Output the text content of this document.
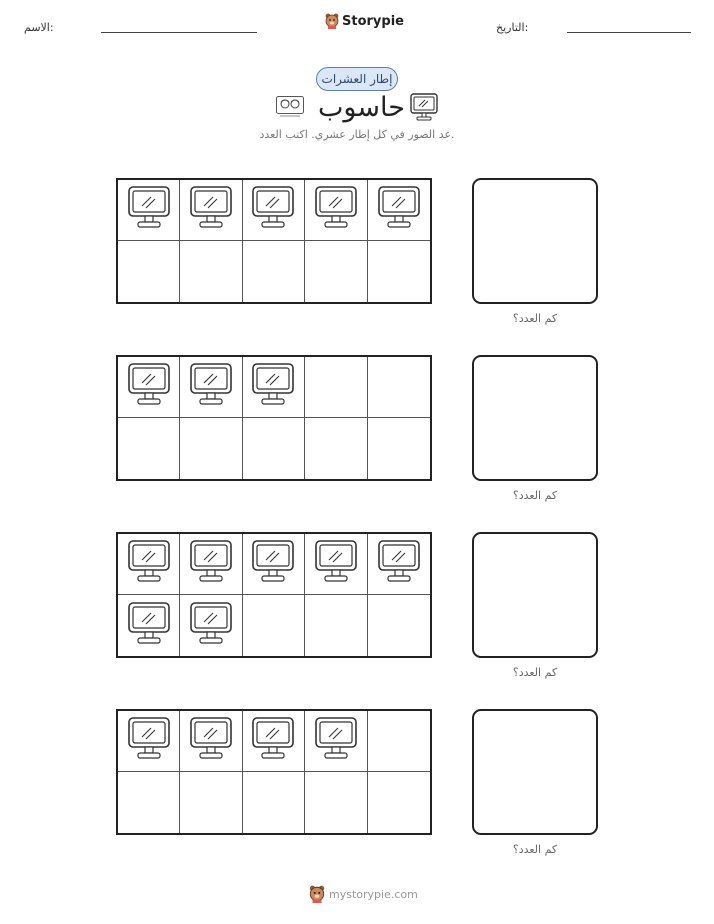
الاسم:	Storypie	التاريخ:
إطار العشرات
حاسوب
عد الصور في كل إطار عشري. اكتب العدد.
كم العدد؟
كم العدد؟
كم العدد؟
كم العدد؟
mystorypie.com
